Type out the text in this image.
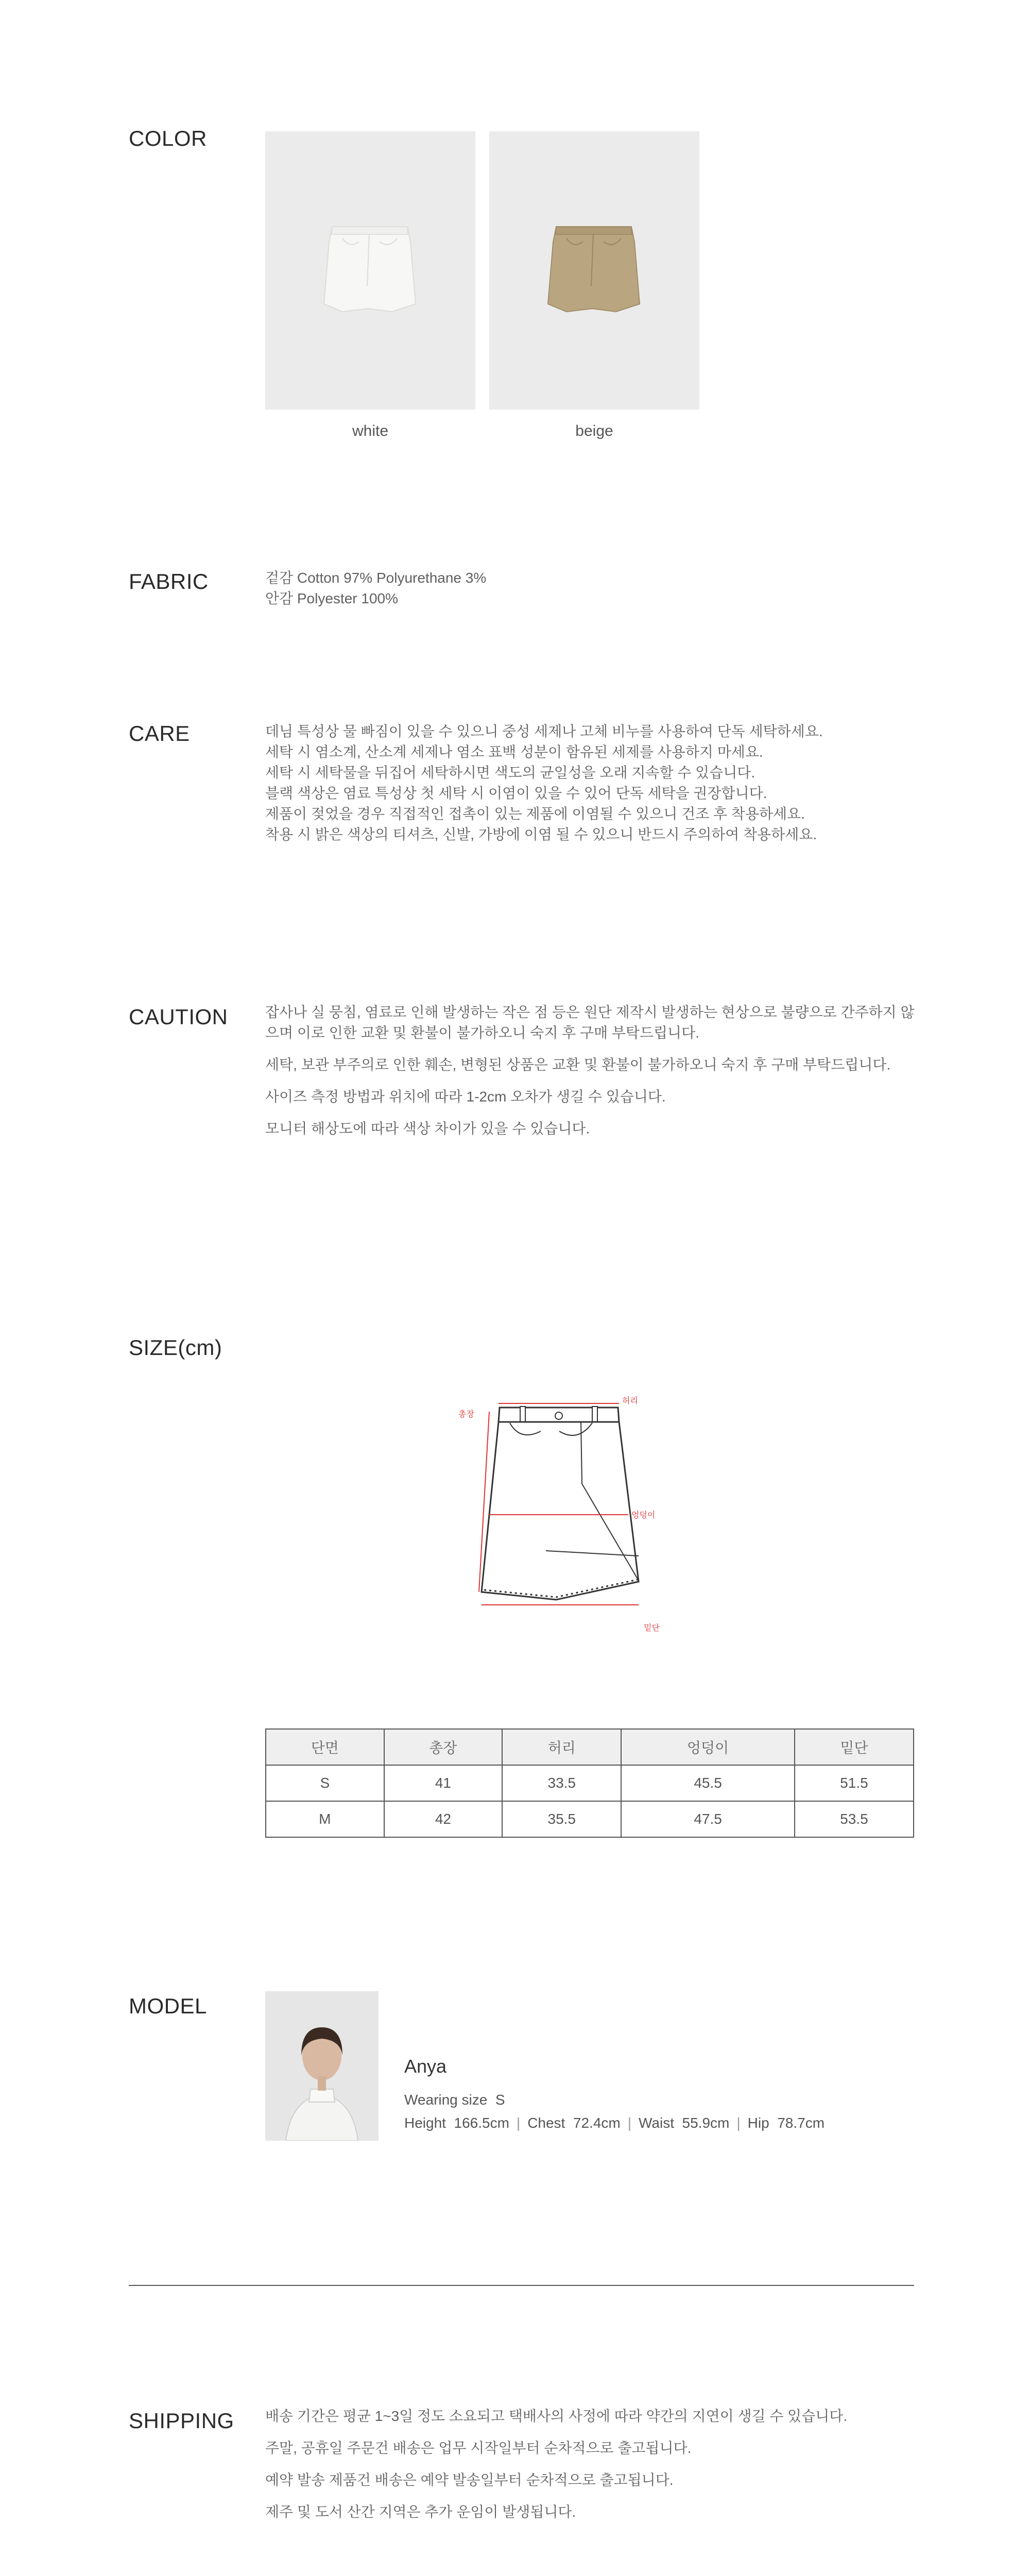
COLOR
white	beige
FABRIC	겉감 Cotton 97% Polyurethane 3%

안감 Polyester 100%

CARE	데님 특성상 물 빠짐이 있을 수 있으니 중성 세제나 고체 비누를 사용하여 단독 세탁하세요.

세탁 시 염소계, 산소계 세제나 염소 표백 성분이 함유된 세제를 사용하지 마세요.

세탁 시 세탁물을 뒤집어 세탁하시면 색도의 균일성을 오래 지속할 수 있습니다.

블랙 색상은 염료 특성상 첫 세탁 시 이염이 있을 수 있어 단독 세탁을 권장합니다.

제품이 젖었을 경우 직접적인 접촉이 있는 제품에 이염될 수 있으니 건조 후 착용하세요.

착용 시 밝은 색상의 티셔츠, 신발, 가방에 이염 될 수 있으니 반드시 주의하여 착용하세요.

CAUTION	잡사나 실 뭉침, 염료로 인해 발생하는 작은 점 등은 원단 제작시 발생하는 현상으로 불량으로 간주하지 않으며 이로 인한 교환 및 환불이 불가하오니 숙지 후 구매 부탁드립니다.

세탁, 보관 부주의로 인한 훼손, 변형된 상품은 교환 및 환불이 불가하오니 숙지 후 구매 부탁드립니다.

사이즈 측정 방법과 위치에 따라 1-2cm 오차가 생길 수 있습니다.

모니터 해상도에 따라 색상 차이가 있을 수 있습니다.

SIZE(cm)
허리
총장
엉덩이
밑단
단면	총장	허리	엉덩이	밑단
S	41	33.5	45.5	51.5
M	42	35.5	47.5	53.5
MODEL
Anya
Wearing size S
Height 166.5cm | Chest 72.4cm | Waist 55.9cm | Hip 78.7cm
SHIPPING 배송 기간은 평균 1~3일 정도 소요되고 택배사의 사정에 따라 약간의 지연이 생길 수 있습니다.

주말, 공휴일 주문건 배송은 업무 시작일부터 순차적으로 출고됩니다.

예약 발송 제품건 배송은 예약 발송일부터 순차적으로 출고됩니다.

제주 및 도서 산간 지역은 추가 운임이 발생됩니다.
